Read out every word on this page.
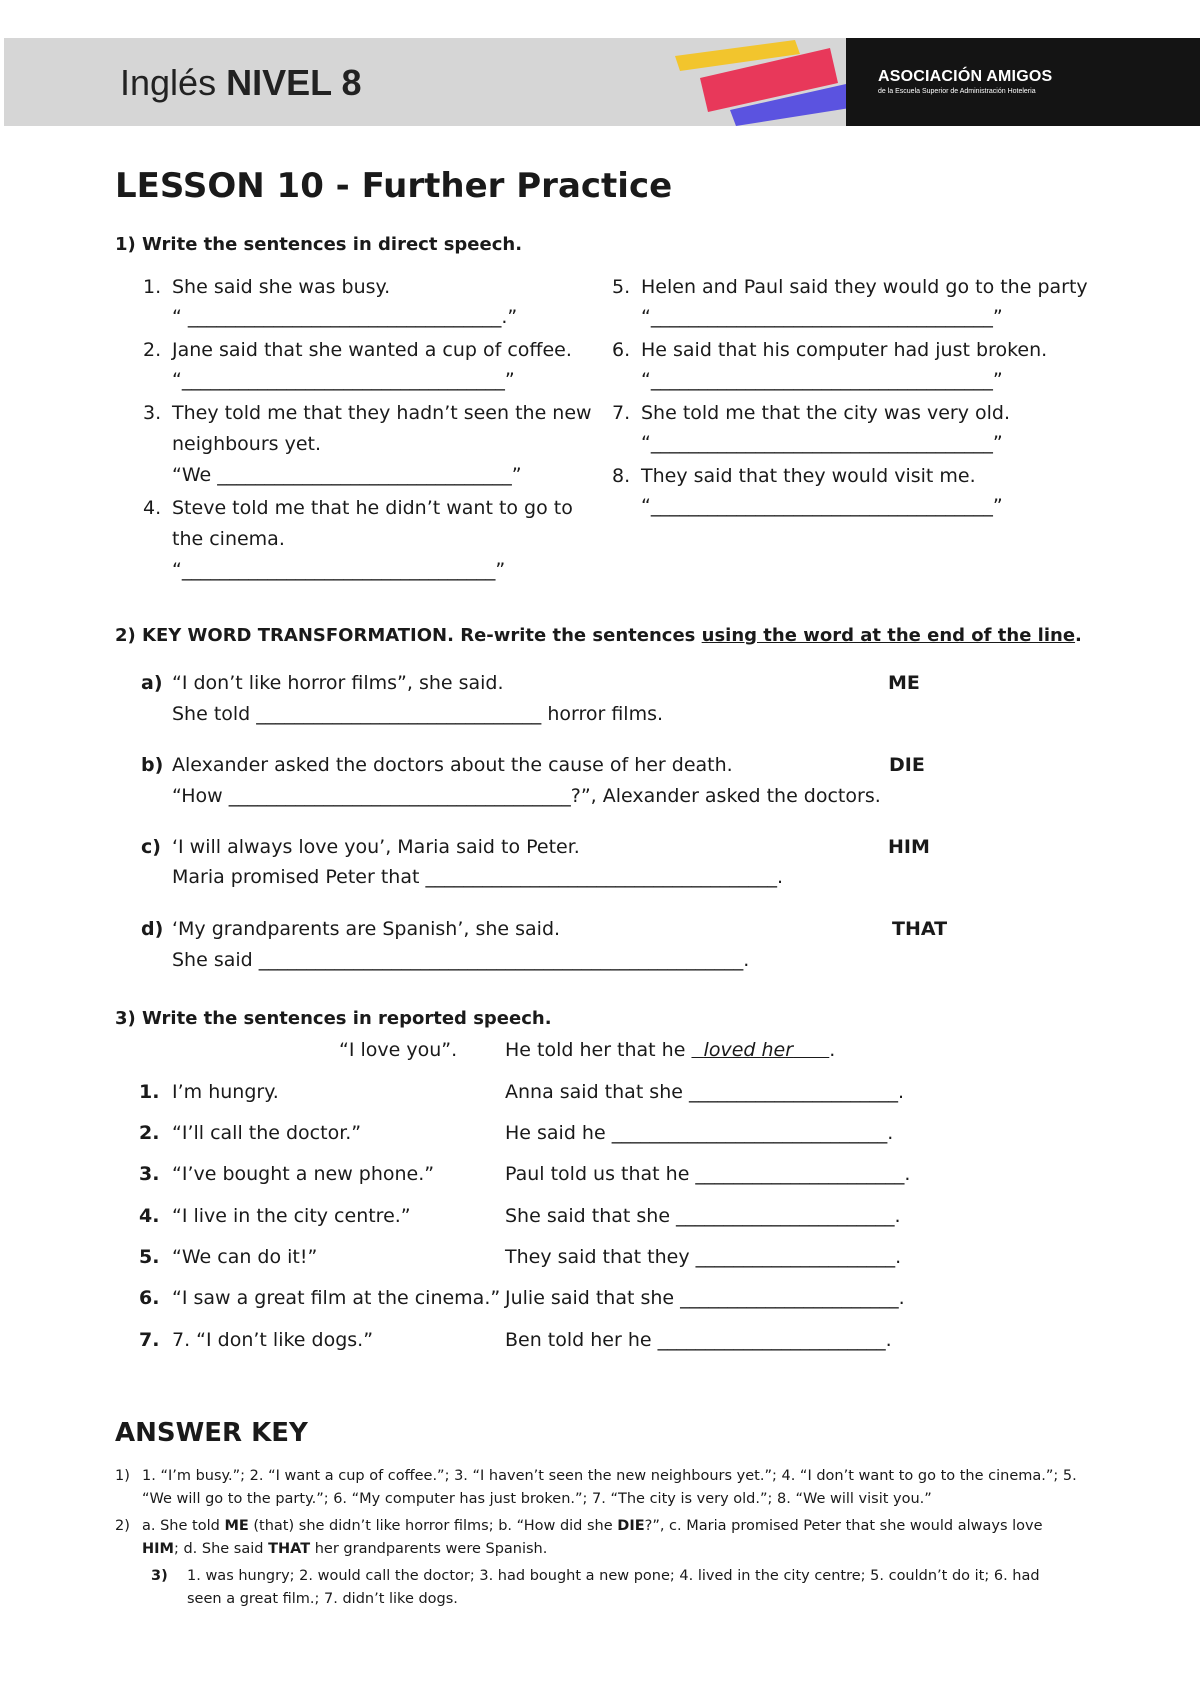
Inglés NIVEL 8	ASOCIACIÓN AMIGOS
de la Escuela Superior de Administración Hoteleria
LESSON 10 - Further Practice
1) Write the sentences in direct speech.
1. She said she was busy.
“ _________________________________.”
2. Jane said that she wanted a cup of coffee.
“__________________________________”
3. They told me that they hadn’t seen the new
neighbours yet.
“We _______________________________”
4. Steve told me that he didn’t want to go to
the cinema.
“_________________________________”
5. Helen and Paul said they would go to the party
“____________________________________”
6. He said that his computer had just broken.
“____________________________________”
7. She told me that the city was very old.
“____________________________________”
8. They said that they would visit me.
“____________________________________”
2) KEY WORD TRANSFORMATION. Re-write the sentences using the word at the end of the line.
a) “I don’t like horror films”, she said.	ME
She told ______________________________ horror films.
b) Alexander asked the doctors about the cause of her death.	DIE
“How ____________________________________?”, Alexander asked the doctors.
c) ‘I will always love you’, Maria said to Peter.	HIM
Maria promised Peter that _____________________________________.
d) ‘My grandparents are Spanish’, she said.	THAT
She said ___________________________________________________.
3) Write the sentences in reported speech.
“I love you”.	He told her that he   loved her .
1. I’m hungry.	Anna said that she ______________________.
2. “I’ll call the doctor.”	He said he _____________________________.
3. “I’ve bought a new phone.”	Paul told us that he ______________________.
4. “I live in the city centre.”	She said that she _______________________.
5. “We can do it!”	They said that they _____________________.
6. “I saw a great film at the cinema.” Julie said that she _______________________.
7. 7. “I don’t like dogs.”	Ben told her he ________________________.
ANSWER KEY
1) 1. “I’m busy.”; 2. “I want a cup of coffee.”; 3. “I haven’t seen the new neighbours yet.”; 4. “I don’t want to go to the cinema.”; 5.
“We will go to the party.”; 6. “My computer has just broken.”; 7. “The city is very old.”; 8. “We will visit you.”
2) a. She told ME (that) she didn’t like horror films; b. “How did she DIE?”, c. Maria promised Peter that she would always love
HIM; d. She said THAT her grandparents were Spanish.
3) 1. was hungry; 2. would call the doctor; 3. had bought a new pone; 4. lived in the city centre; 5. couldn’t do it; 6. had
seen a great film.; 7. didn’t like dogs.
